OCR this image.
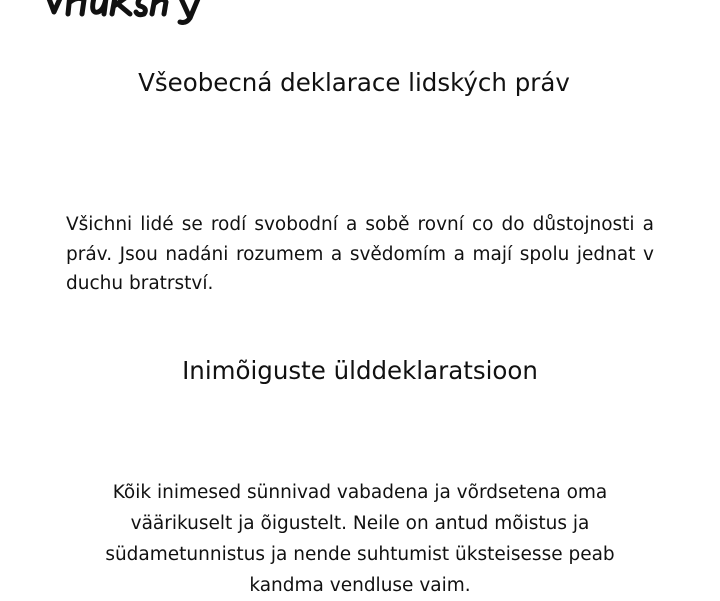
Všeobecná deklarace lidských práv

Všichni lidé se rodí svobodní a sobě rovní co do důstojnosti a práv. Jsou nadáni rozumem a svědomím a mají spolu jednat v duchu bratrství.

Inimõiguste ülddeklaratsioon

Kõik inimesed sünnivad vabadena ja võrdsetena oma väärikuselt ja õigustelt. Neile on antud mõistus ja südametunnistus ja nende suhtumist üksteisesse peab kandma vendluse vaim.
